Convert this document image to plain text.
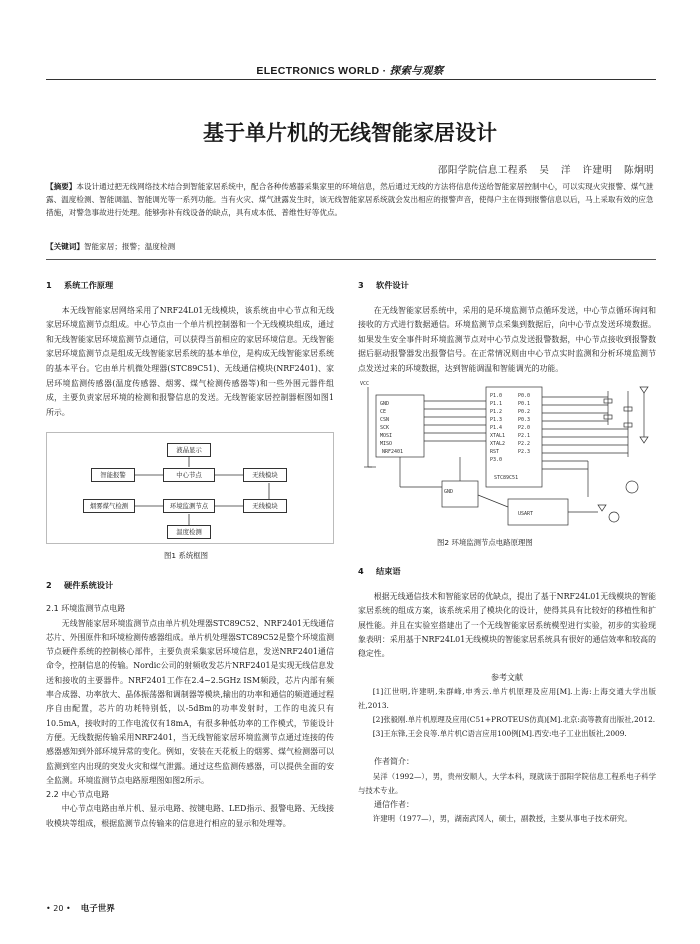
ELECTRONICS WORLD · 探索与观察
基于单片机的无线智能家居设计
邵阳学院信息工程系 吴 洋 许建明 陈炯明
【摘要】本设计通过把无线网络技术结合到智能家居系统中，配合各种传感器采集家里的环境信息，然后通过无线的方法将信息传送给智能家居控制中心，可以实现火灾报警、煤气泄露、温度检测、智能调温、智能调光等一系列功能。当有火灾、煤气泄露发生时，该无线智能家居系统就会发出相应的报警声音，使得户主在得到报警信息以后，马上采取有效的应急措施，对警急事故进行处理。能够弥补有线设备的缺点，具有成本低、普维性好等优点。
【关键词】智能家居；报警；温度检测
1 系统工作原理
本无线智能家居网络采用了NRF24L01无线模块，该系统由中心节点和无线家居环境监测节点组成。中心节点由一个单片机控制器和一个无线模块组成，通过和无线智能家居环境监测节点通信，可以获得当前相应的家居环境信息。无线智能家居环境监测节点是组成无线智能家居系统的基本单位，是构成无线智能家居系统的基本平台。它由单片机微处理器(STC89C51)、无线通信模块(NRF2401)、家居环境监测传感器(温度传感器、烟雾、煤气检测传感器等)和一些外围元器件组成，主要负责家居环境的检测和报警信息的发送。无线智能家居控制器框图如图1所示。
液晶显示
智能报警	中心节点	无线模块
烟雾煤气检测	环境监测节点	无线模块
温度检测
图1 系统框图
2 硬件系统设计
2.1 环境监测节点电路
无线智能家居环境监测节点由单片机处理器STC89C52、NRF2401无线通信芯片、外围原件和环境检测传感器组成。单片机处理器STC89C52是整个环境监测节点硬件系统的控制核心部件，主要负责采集家居环境信息，发送NRF2401通信命令，控制信息的传输。Nordic公司的射频收发芯片NRF2401是实现无线信息发送和接收的主要器件。NRF2401工作在2.4~2.5GHz ISM频段，芯片内部有频率合成器、功率放大、晶体振荡器和调制器等模块,输出的功率和通信的频道通过程序自由配置，芯片的功耗特别低，以-5dBm的功率发射时，工作的电流只有10.5mA，接收时的工作电流仅有18mA，有很多种低功率的工作模式，节能设计方便。无线数据传输采用NRF2401，当无线智能家居环境监测节点通过连接的传感器感知到外部环境异常的变化。例如，安装在天花板上的烟雾、煤气检测器可以监测到室内出现的突发火灾和煤气泄露。通过这些监测传感器，可以提供全面的安全监测。环境监测节点电路原理图如图2所示。
2.2 中心节点电路
中心节点电路由单片机、显示电路、按键电路、LED指示、报警电路、无线接收模块等组成，根据监测节点传输来的信息进行相应的显示和处理等。
3 软件设计
在无线智能家居系统中，采用的是环境监测节点循环发送，中心节点循环询问和接收的方式进行数据通信。环境监测节点采集到数据后，向中心节点发送环境数据。如果发生安全事件时环境监测节点对中心节点发送报警数据，中心节点接收到报警数据后驱动报警器发出报警信号。在正常情况则由中心节点实时监测和分析环境监测节点发送过来的环境数据，达到智能调温和智能调光的功能。
GND
CE
CSN
SCK
MOSI
MISO
P1.0
P1.1
P1.2
P1.3
P1.4
XTAL1
XTAL2
RST
P3.0
P0.0
P0.1
P0.2
P0.3
P2.0
P2.1
P2.2
P2.3
STC89C51
NRF2401
GND
VCC
USART
图2 环境监测节点电路原理图
4 结束语
根据无线通信技术和智能家居的优缺点，提出了基于NRF24L01无线模块的智能家居系统的组成方案，该系统采用了模块化的设计，使得其具有比较好的移植性和扩展性能。并且在实验室搭建出了一个无线智能家居系统模型进行实验，初步的实验现象表明：采用基于NRF24L01无线模块的智能家居系统具有很好的通信效率和较高的稳定性。
参考文献
[1]江世明,许建明,朱群峰,申秀云.单片机原理及应用[M].上海:上海交通大学出版社,2013.
[2]张毅刚.单片机原理及应用(C51+PROTEUS仿真)[M].北京:高等教育出版社,2012.
[3]王东锋,王会良等.单片机C语言应用100例[M].西安:电子工业出版社,2009.
作者简介：
吴洋（1992—），男，贵州安顺人，大学本科，现就读于邵阳学院信息工程系电子科学与技术专业。
通信作者：
许建明（1977—），男，湖南武冈人，硕士，副教授，主要从事电子技术研究。
• 20 • 电子世界
